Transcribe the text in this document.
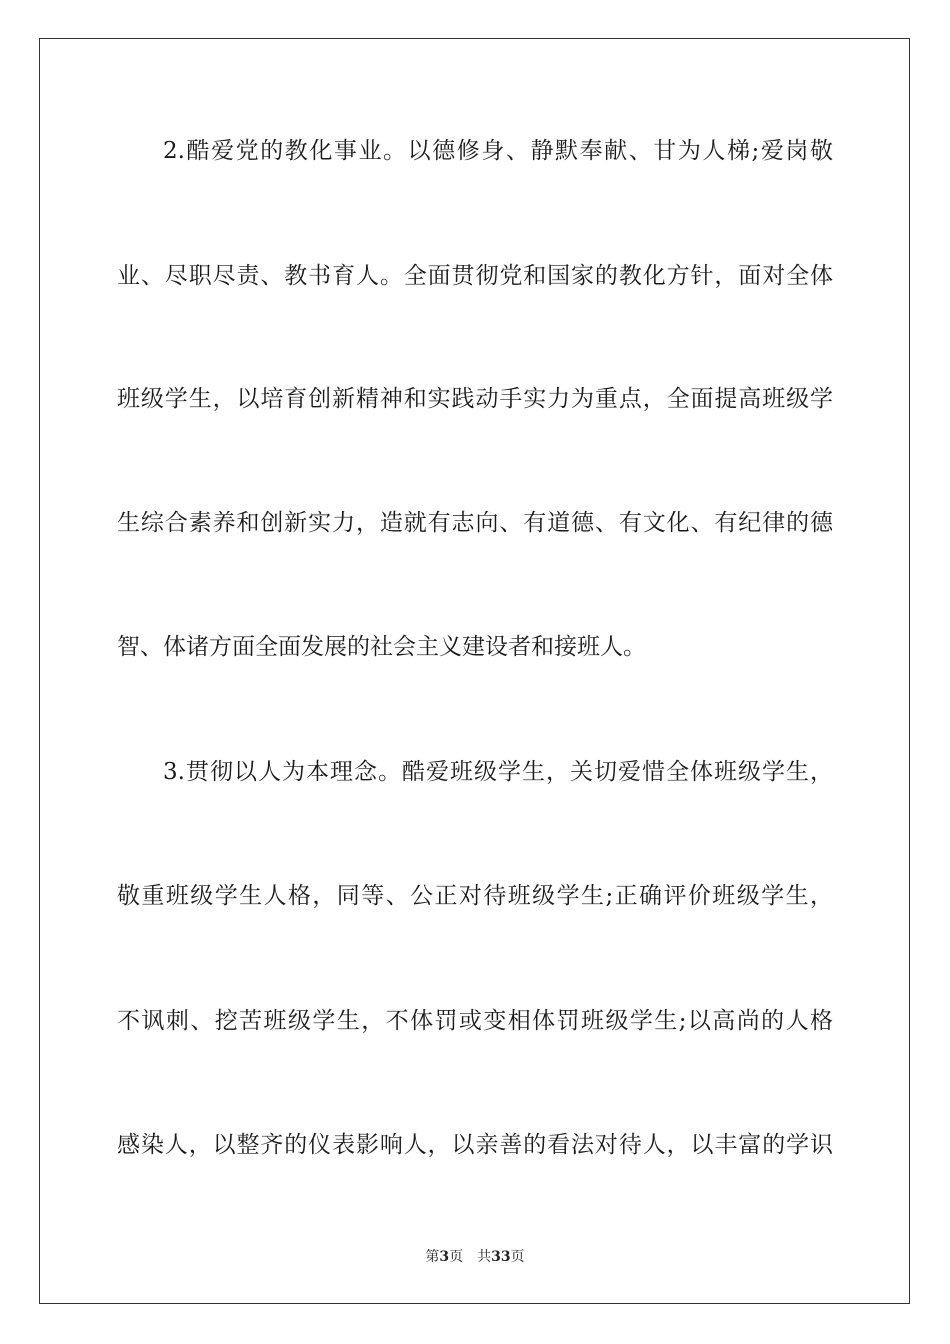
2.酷爱党的教化事业。以德修身、静默奉献、甘为人梯;爱岗敬

业、尽职尽责、教书育人。全面贯彻党和国家的教化方针，面对全体

班级学生，以培育创新精神和实践动手实力为重点，全面提高班级学

生综合素养和创新实力，造就有志向、有道德、有文化、有纪律的德

智、体诸方面全面发展的社会主义建设者和接班人。

3.贯彻以人为本理念。酷爱班级学生，关切爱惜全体班级学生，

敬重班级学生人格，同等、公正对待班级学生;正确评价班级学生，

不讽刺、挖苦班级学生，不体罚或变相体罚班级学生;以高尚的人格

感染人，以整齐的仪表影响人，以亲善的看法对待人，以丰富的学识

第3页 共33页
